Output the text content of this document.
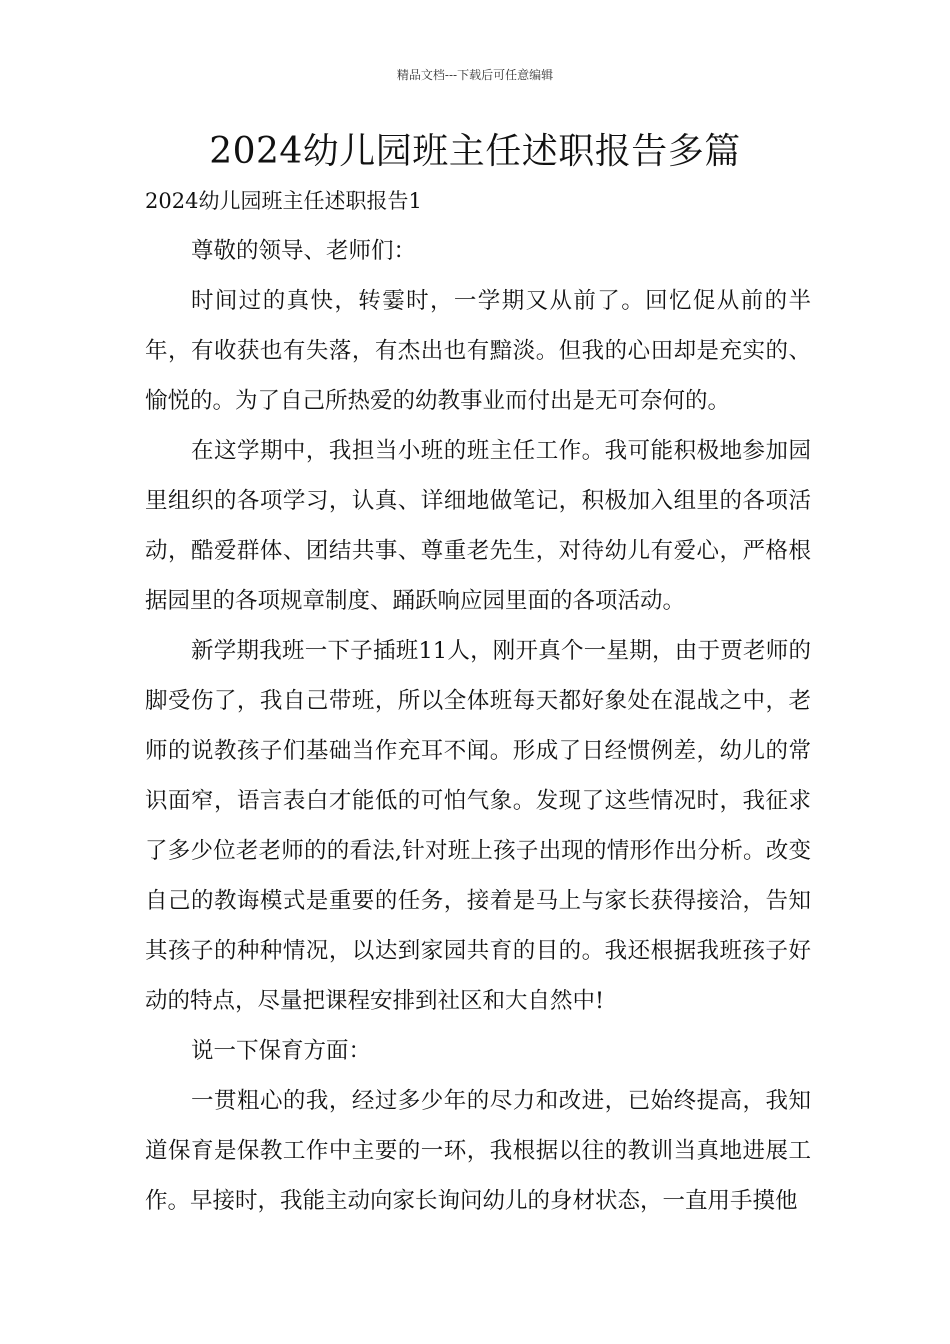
精品文档---下载后可任意编辑
2024幼儿园班主任述职报告多篇
2024幼儿园班主任述职报告1

尊敬的领导、老师们：

时间过的真快，转霎时，一学期又从前了。回忆促从前的半年，有收获也有失落，有杰出也有黯淡。但我的心田却是充实的、愉悦的。为了自己所热爱的幼教事业而付出是无可奈何的。

在这学期中，我担当小班的班主任工作。我可能积极地参加园里组织的各项学习，认真、详细地做笔记，积极加入组里的各项活动，酷爱群体、团结共事、尊重老先生，对待幼儿有爱心，严格根据园里的各项规章制度、踊跃响应园里面的各项活动。

新学期我班一下子插班11人，刚开真个一星期，由于贾老师的脚受伤了，我自己带班，所以全体班每天都好象处在混战之中，老师的说教孩子们基础当作充耳不闻。形成了日经惯例差，幼儿的常识面窄，语言表白才能低的可怕气象。发现了这些情况时，我征求了多少位老老师的的看法,针对班上孩子出现的情形作出分析。改变自己的教诲模式是重要的任务，接着是马上与家长获得接洽，告知其孩子的种种情况，以达到家园共育的目的。我还根据我班孩子好动的特点，尽量把课程安排到社区和大自然中!

说一下保育方面：

一贯粗心的我，经过多少年的尽力和改进，已始终提高，我知道保育是保教工作中主要的一环，我根据以往的教训当真地进展工作。早接时，我能主动向家长询问幼儿的身材状态，一直用手摸他
